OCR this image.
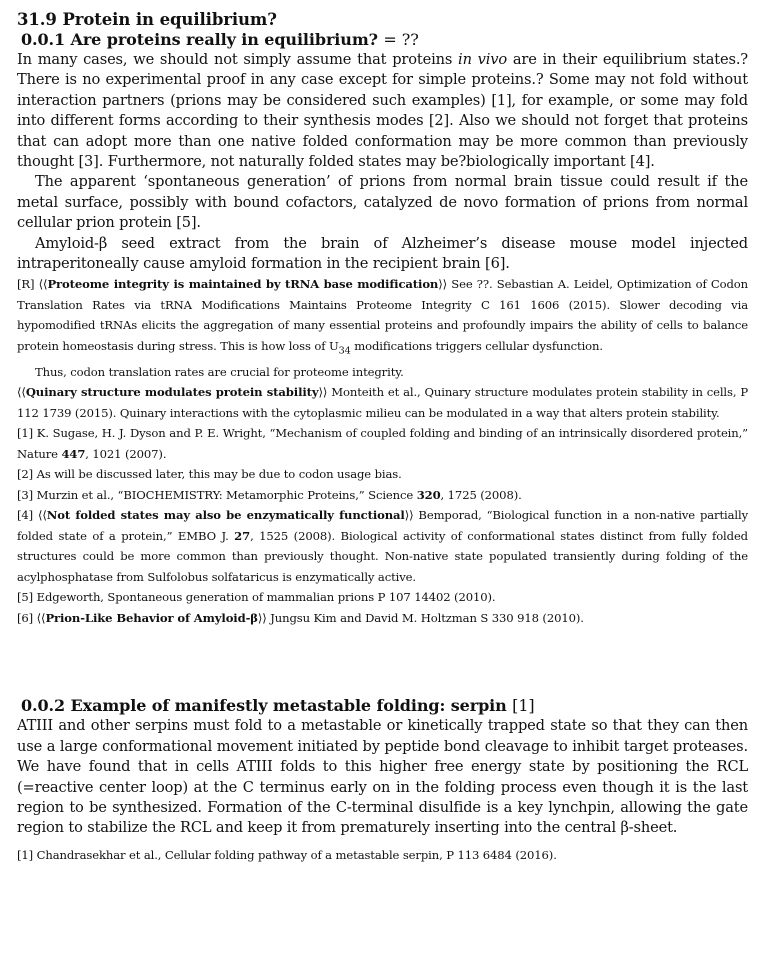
31.9 Protein in equilibrium?
0.0.1 Are proteins really in equilibrium? = ??

In many cases, we should not simply assume that proteins in vivo are in their equilibrium states.? There is no experimental proof in any case except for simple proteins.? Some may not fold without interaction partners (prions may be considered such examples) [1], for example, or some may fold into different forms according to their synthesis modes [2]. Also we should not forget that proteins that can adopt more than one native folded conformation may be more common than previously thought [3]. Furthermore, not naturally folded states may be?biologically important [4].

The apparent ‘spontaneous generation’ of prions from normal brain tissue could result if the metal surface, possibly with bound cofactors, catalyzed de novo formation of prions from normal cellular prion protein [5].

Amyloid-β seed extract from the brain of Alzheimer’s disease mouse model injected intraperitoneally cause amyloid formation in the recipient brain [6].

[R] ⟨⟨Proteome integrity is maintained by tRNA base modification⟩⟩ See ??. Sebastian A. Leidel, Optimization of Codon Translation Rates via tRNA Modifications Maintains Proteome Integrity C 161 1606 (2015). Slower decoding via hypomodified tRNAs elicits the aggregation of many essential proteins and profoundly impairs the ability of cells to balance protein homeostasis during stress. This is how loss of $U_{34}$ modifications triggers cellular dysfunction.

Thus, codon translation rates are crucial for proteome integrity.

⟨⟨Quinary structure modulates protein stability⟩⟩ Monteith et al., Quinary structure modulates protein stability in cells, P 112 1739 (2015). Quinary interactions with the cytoplasmic milieu can be modulated in a way that alters protein stability.

[1] K. Sugase, H. J. Dyson and P. E. Wright, “Mechanism of coupled folding and binding of an intrinsically disordered protein,” Nature 447, 1021 (2007).

[2] As will be discussed later, this may be due to codon usage bias.

[3] Murzin et al., “BIOCHEMISTRY: Metamorphic Proteins,” Science 320, 1725 (2008).

[4] ⟨⟨Not folded states may also be enzymatically functional⟩⟩ Bemporad, “Biological function in a non-native partially folded state of a protein,” EMBO J. 27, 1525 (2008). Biological activity of conformational states distinct from fully folded structures could be more common than previously thought. Non-native state populated transiently during folding of the acylphosphatase from Sulfolobus solfataricus is enzymatically active.

[5] Edgeworth, Spontaneous generation of mammalian prions P 107 14402 (2010).

[6] ⟨⟨Prion-Like Behavior of Amyloid-β⟩⟩ Jungsu Kim and David M. Holtzman S 330 918 (2010).

0.0.2 Example of manifestly metastable folding: serpin [1]

ATIII and other serpins must fold to a metastable or kinetically trapped state so that they can then use a large conformational movement initiated by peptide bond cleavage to inhibit target proteases. We have found that in cells ATIII folds to this higher free energy state by positioning the RCL (=reactive center loop) at the C terminus early on in the folding process even though it is the last region to be synthesized. Formation of the C-terminal disulfide is a key lynchpin, allowing the gate region to stabilize the RCL and keep it from prematurely inserting into the central β-sheet.

[1] Chandrasekhar et al., Cellular folding pathway of a metastable serpin, P 113 6484 (2016).
